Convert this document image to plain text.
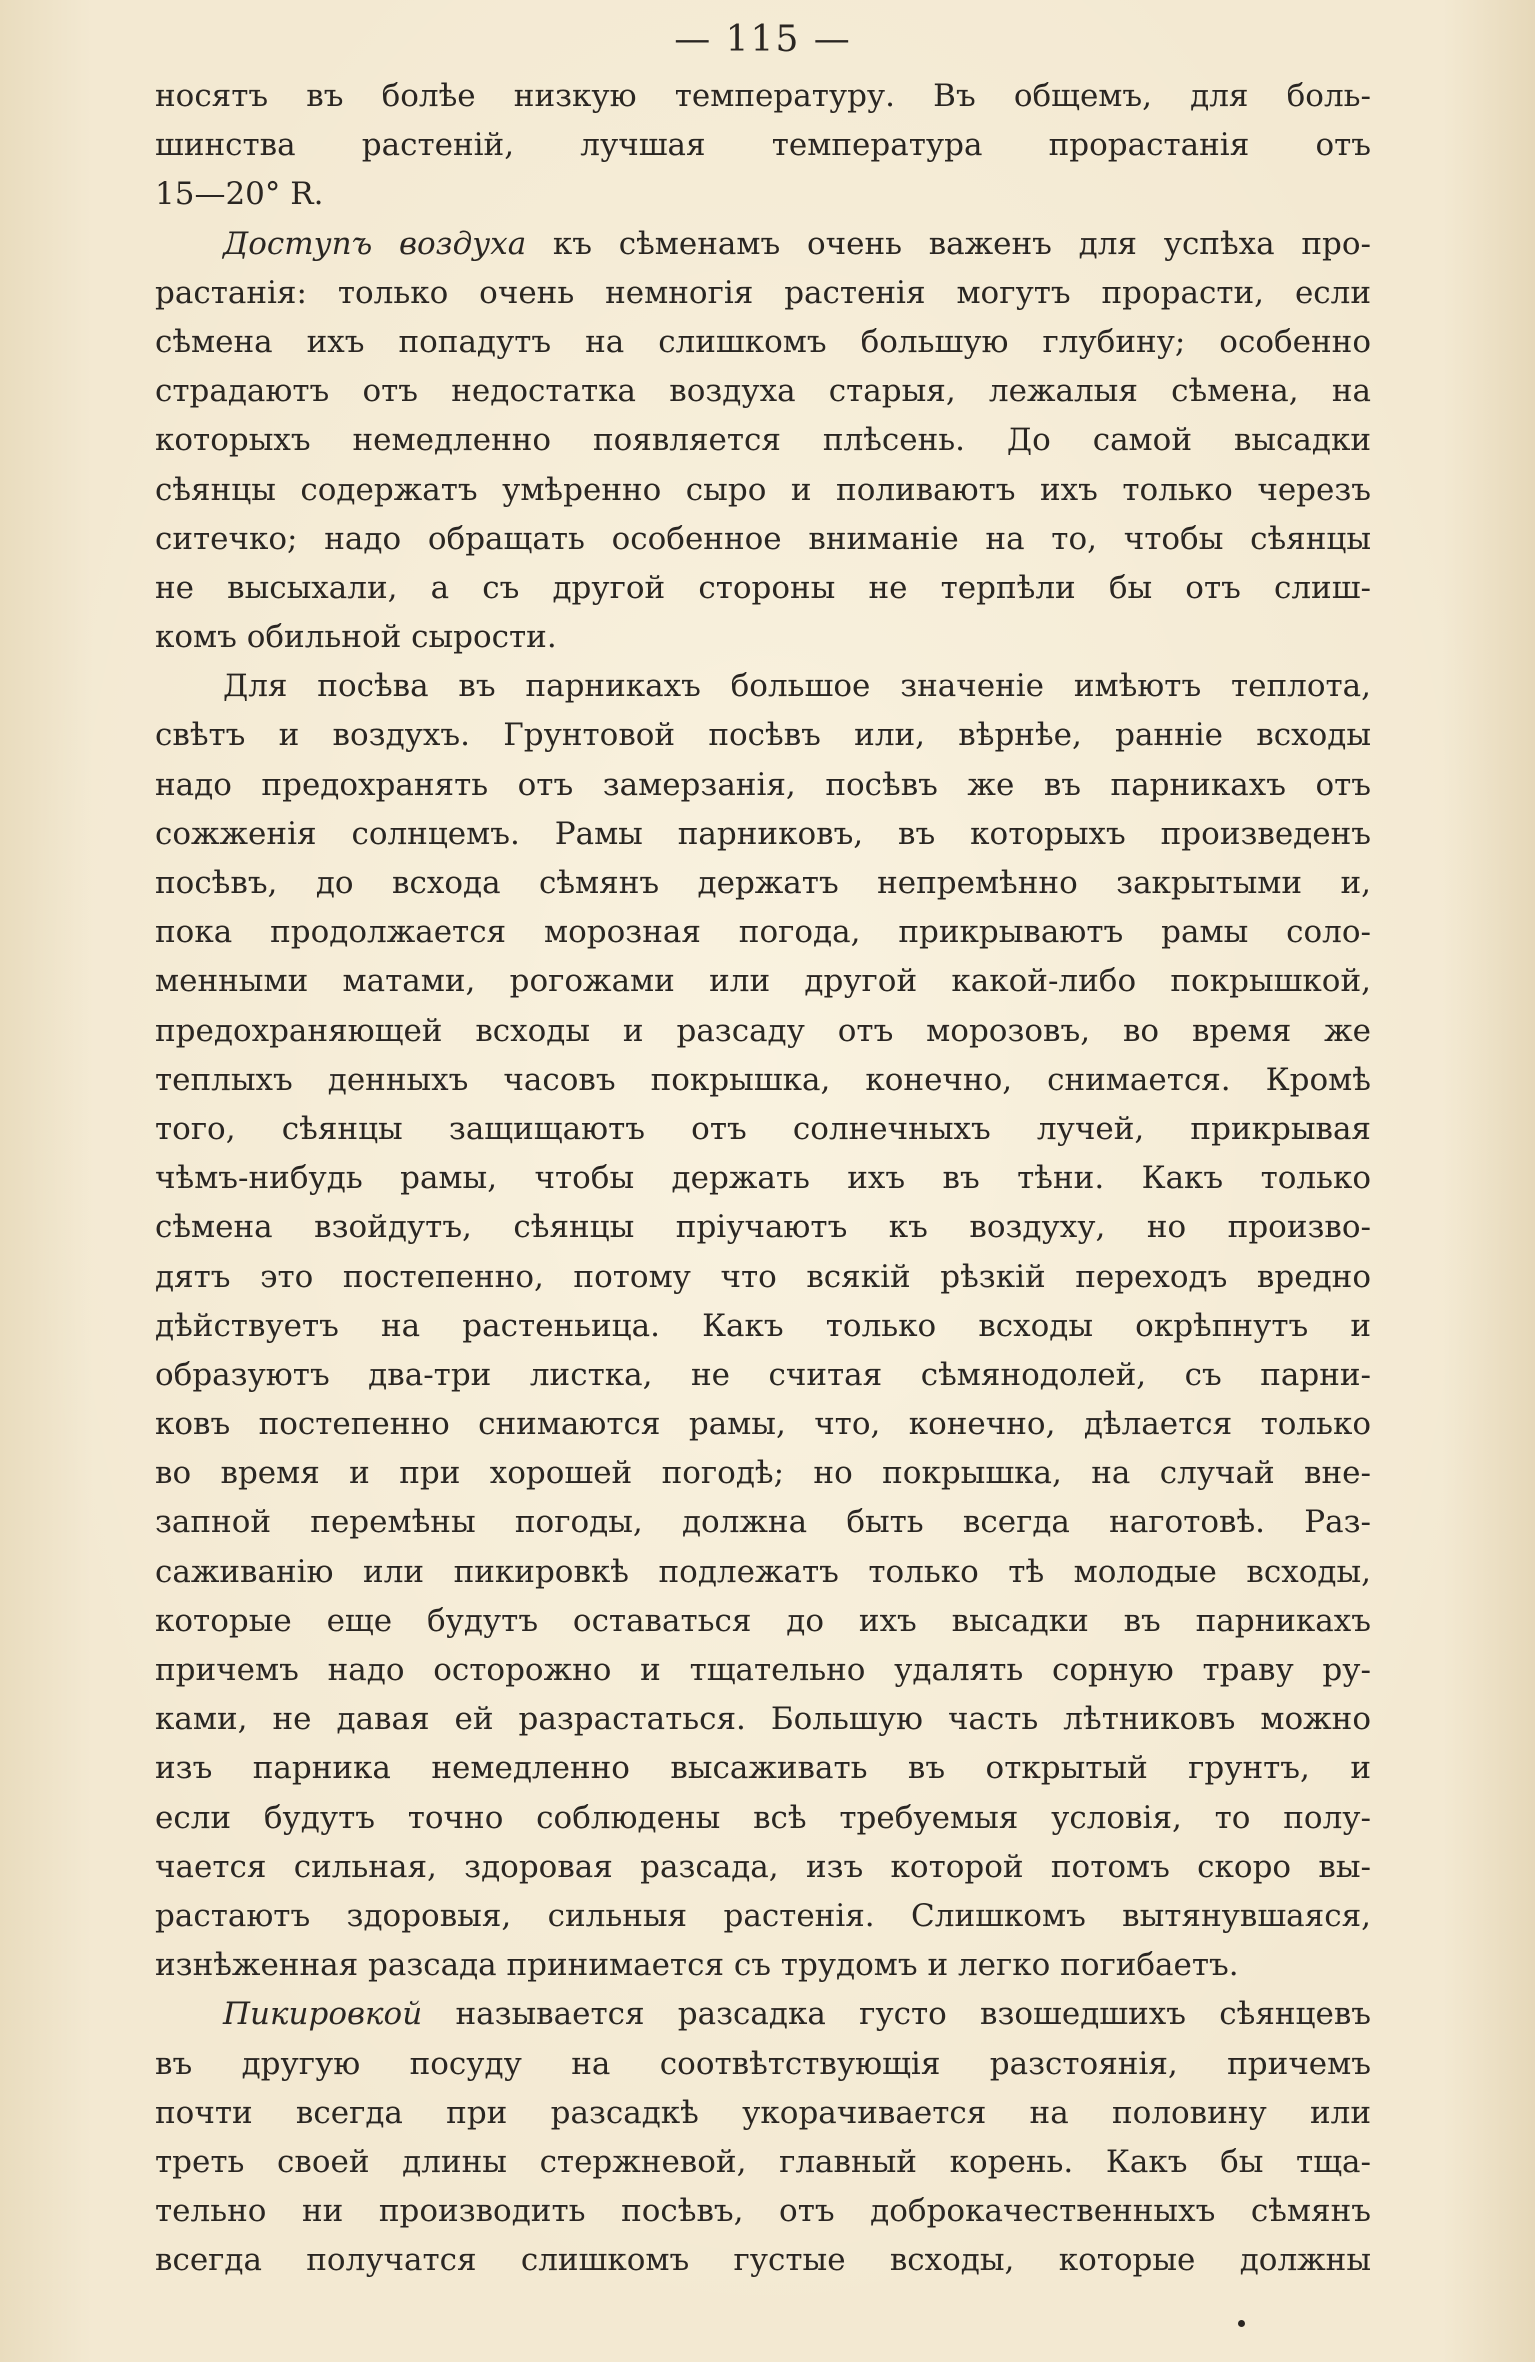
— 115 —

носятъ въ болѣе низкую температуру. Въ общемъ, для боль-
шинства растеній, лучшая температура прорастанія отъ
15—20° R.

Доступъ воздуха къ сѣменамъ очень важенъ для успѣха про-
растанія: только очень немногія растенія могутъ прорасти, если
сѣмена ихъ попадутъ на слишкомъ большую глубину; особенно
страдаютъ отъ недостатка воздуха старыя, лежалыя сѣмена, на
которыхъ немедленно появляется плѣсень. До самой высадки
сѣянцы содержатъ умѣренно сыро и поливаютъ ихъ только черезъ
ситечко; надо обращать особенное вниманіе на то, чтобы сѣянцы
не высыхали, а съ другой стороны не терпѣли бы отъ слиш-
комъ обильной сырости.

Для посѣва въ парникахъ большое значеніе имѣютъ теплота,
свѣтъ и воздухъ. Грунтовой посѣвъ или, вѣрнѣе, ранніе всходы
надо предохранять отъ замерзанія, посѣвъ же въ парникахъ отъ
сожженія солнцемъ. Рамы парниковъ, въ которыхъ произведенъ
посѣвъ, до всхода сѣмянъ держатъ непремѣнно закрытыми и,
пока продолжается морозная погода, прикрываютъ рамы соло-
менными матами, рогожами или другой какой-либо покрышкой,
предохраняющей всходы и разсаду отъ морозовъ, во время же
теплыхъ денныхъ часовъ покрышка, конечно, снимается. Кромѣ
того, сѣянцы защищаютъ отъ солнечныхъ лучей, прикрывая
чѣмъ-нибудь рамы, чтобы держать ихъ въ тѣни. Какъ только
сѣмена взойдутъ, сѣянцы пріучаютъ къ воздуху, но произво-
дятъ это постепенно, потому что всякій рѣзкій переходъ вредно
дѣйствуетъ на растеньица. Какъ только всходы окрѣпнутъ и
образуютъ два-три листка, не считая сѣмянодолей, съ парни-
ковъ постепенно снимаются рамы, что, конечно, дѣлается только
во время и при хорошей погодѣ; но покрышка, на случай вне-
запной перемѣны погоды, должна быть всегда наготовѣ. Раз-
саживанію или пикировкѣ подлежатъ только тѣ молодые всходы,
которые еще будутъ оставаться до ихъ высадки въ парникахъ
причемъ надо осторожно и тщательно удалять сорную траву ру-
ками, не давая ей разрастаться. Большую часть лѣтниковъ можно
изъ парника немедленно высаживать въ открытый грунтъ, и
если будутъ точно соблюдены всѣ требуемыя условія, то полу-
чается сильная, здоровая разсада, изъ которой потомъ скоро вы-
растаютъ здоровыя, сильныя растенія. Слишкомъ вытянувшаяся,
изнѣженная разсада принимается съ трудомъ и легко погибаетъ.

Пикировкой называется разсадка густо взошедшихъ сѣянцевъ
въ другую посуду на соотвѣтствующія разстоянія, причемъ
почти всегда при разсадкѣ укорачивается на половину или
треть своей длины стержневой, главный корень. Какъ бы тща-
тельно ни производить посѣвъ, отъ доброкачественныхъ сѣмянъ
всегда получатся слишкомъ густые всходы, которые должны
